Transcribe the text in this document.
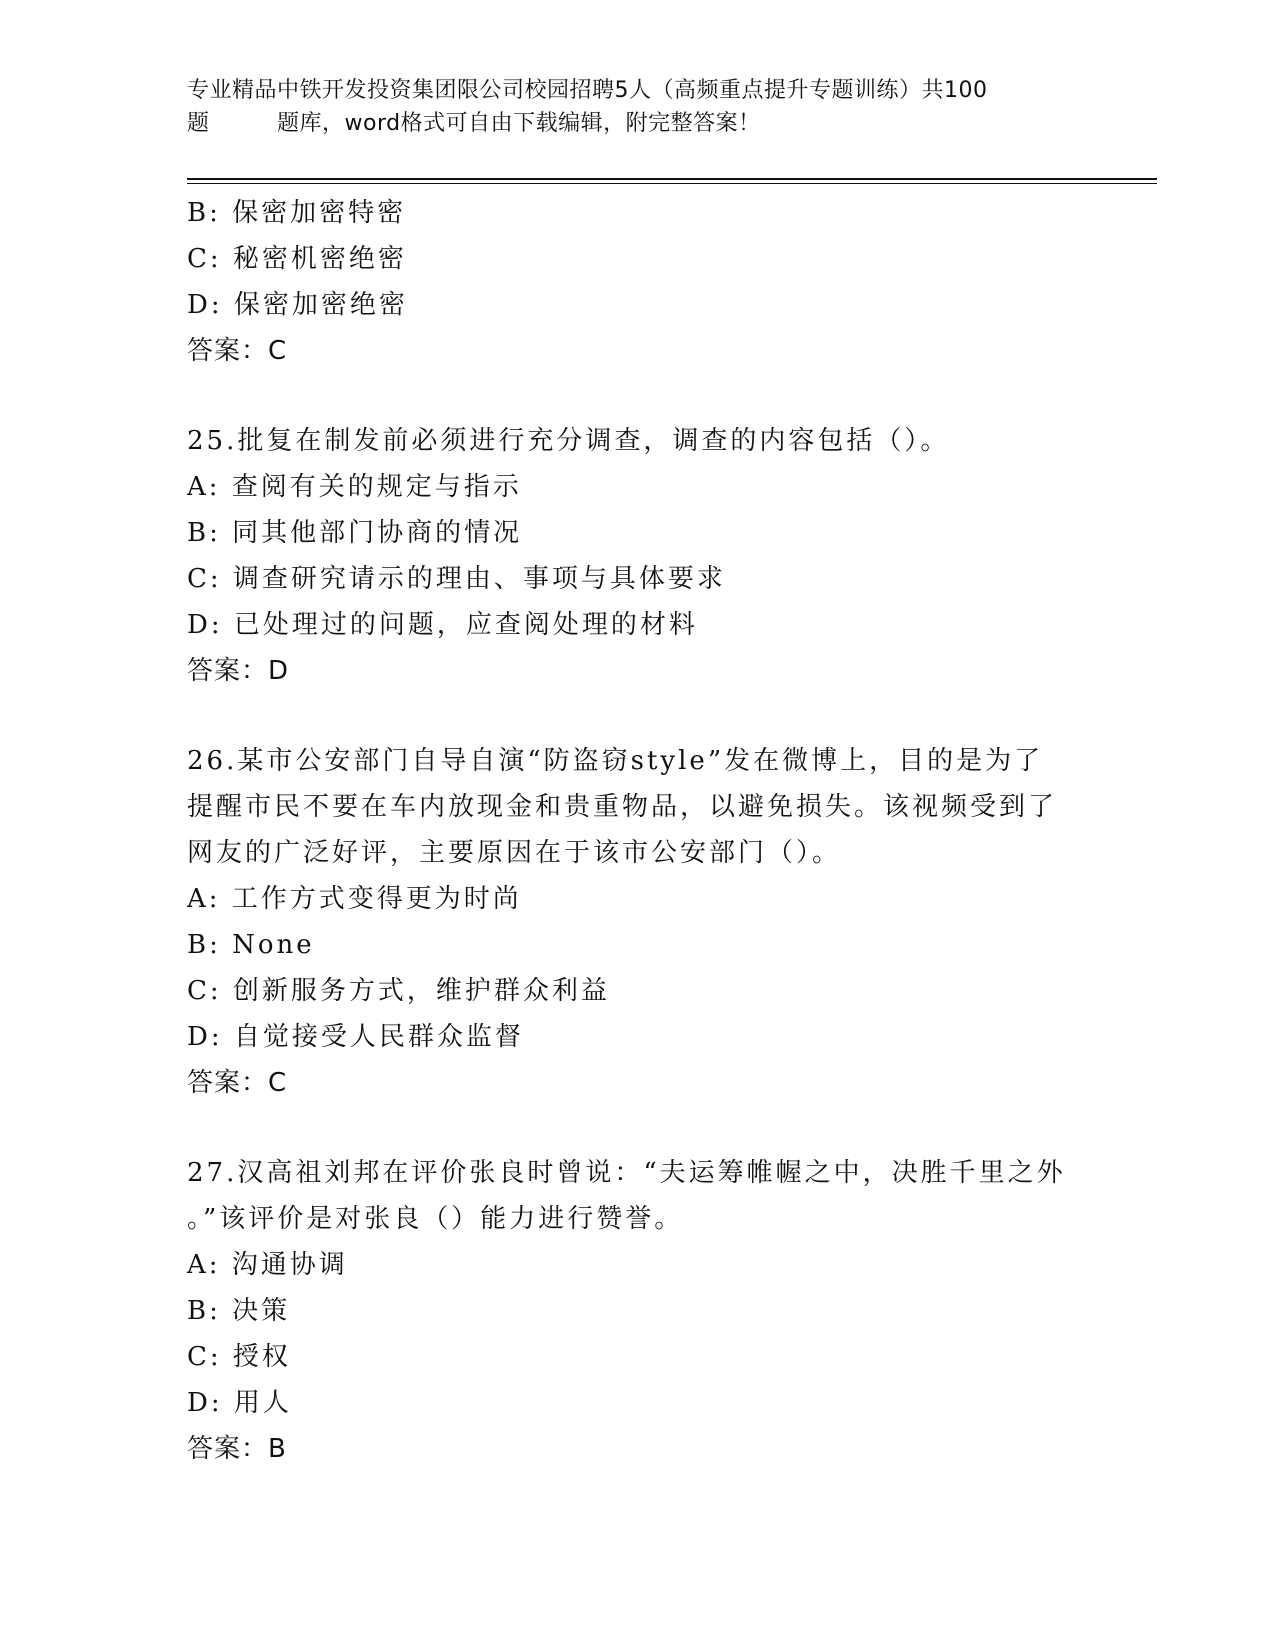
专业精品中铁开发投资集团限公司校园招聘5人（高频重点提升专题训练）共100
题　　　题库，word格式可自由下载编辑，附完整答案！
B: 保密加密特密
C: 秘密机密绝密
D: 保密加密绝密
答案：C
25.批复在制发前必须进行充分调查，调查的内容包括（）。
A: 查阅有关的规定与指示
B: 同其他部门协商的情况
C: 调查研究请示的理由、事项与具体要求
D: 已处理过的问题，应查阅处理的材料
答案：D
26.某市公安部门自导自演“防盗窃style”发在微博上，目的是为了
提醒市民不要在车内放现金和贵重物品，以避免损失。该视频受到了
网友的广泛好评，主要原因在于该市公安部门（）。
A: 工作方式变得更为时尚
B: None
C: 创新服务方式，维护群众利益
D: 自觉接受人民群众监督
答案：C
27.汉高祖刘邦在评价张良时曾说：“夫运筹帷幄之中，决胜千里之外
。”该评价是对张良（）能力进行赞誉。
A: 沟通协调
B: 决策
C: 授权
D: 用人
答案：B
